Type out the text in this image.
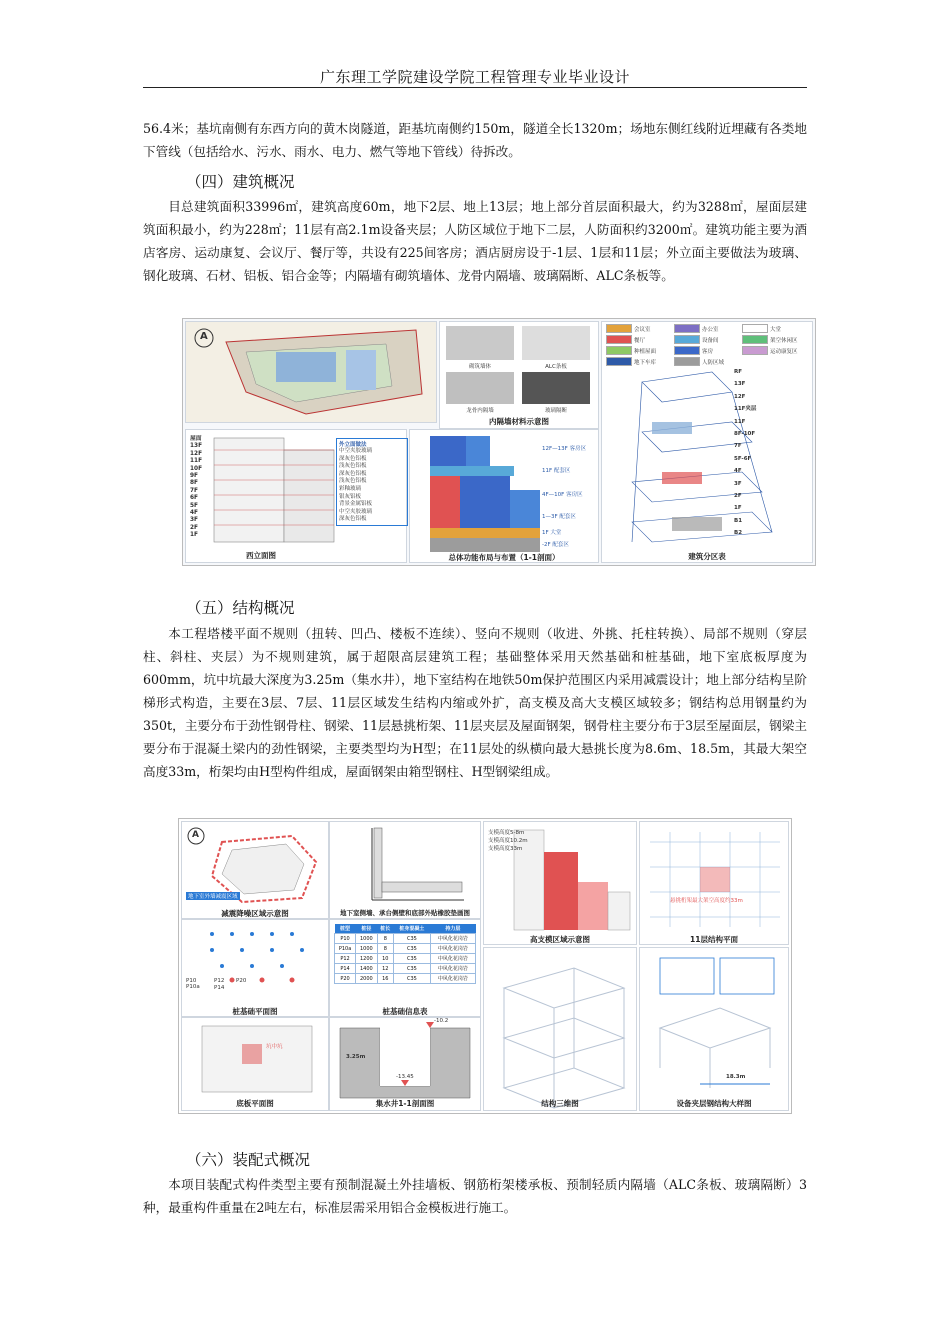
广东理工学院建设学院工程管理专业毕业设计

56.4米；基坑南侧有东西方向的黄木岗隧道，距基坑南侧约150m，隧道全长1320m；场地东侧红线附近埋藏有各类地下管线（包括给水、污水、雨水、电力、燃气等地下管线）待拆改。

（四）建筑概况

目总建筑面积33996㎡，建筑高度60m，地下2层、地上13层；地上部分首层面积最大，约为3288㎡，屋面层建筑面积最小，约为228㎡；11层有高2.1m设备夹层；人防区域位于地下二层，人防面积约3200㎡。建筑功能主要为酒店客房、运动康复、会议厅、餐厅等，共设有225间客房；酒店厨房设于-1层、1层和11层；外立面主要做法为玻璃、钢化玻璃、石材、铝板、铝合金等；内隔墙有砌筑墙体、龙骨内隔墙、玻璃隔断、ALC条板等。

A
砌筑墙体	ALC条板
龙骨内隔墙	玻璃隔断
内隔墙材料示意图
屋面
13F
12F
11F
10F
9F
8F
7F
6F
5F
4F
3F
2F
1F
外立面做法
中空夹胶玻璃
深灰色铝板
浅灰色铝板
深灰色铝板
浅灰色铝板
彩釉玻璃
银灰铝板
背景金属铝板
中空夹胶玻璃
深灰色铝板
西立面图
12F—13F 客房区
11F 配套区
4F—10F 客房区
1—3F 配套区
1F 大堂
-2F 配套区
总体功能布局与布置（1-1剖面）
会议室	办公室	大堂
餐厅	设备间	架空休闲区
种植屋面	客房	运动康复区
地下车库	人防区域
RF
13F
12F
11F夹层
11F
8F-10F
7F
5F-6F
4F
3F
2F
1F
B1
B2
建筑分区表
（五）结构概况

本工程塔楼平面不规则（扭转、凹凸、楼板不连续）、竖向不规则（收进、外挑、托柱转换）、局部不规则（穿层柱、斜柱、夹层）为不规则建筑，属于超限高层建筑工程；基础整体采用天然基础和桩基础，地下室底板厚度为600mm，坑中坑最大深度为3.25m（集水井），地下室结构在地铁50m保护范围区内采用减震设计；地上部分结构呈阶梯形式构造，主要在3层、7层、11层区域发生结构内缩或外扩，高支模及高大支模区域较多；钢结构总用钢量约为350t，主要分布于劲性钢骨柱、钢梁、11层悬挑桁架、11层夹层及屋面钢架，钢骨柱主要分布于3层至屋面层，钢梁主要分布于混凝土梁内的劲性钢梁，主要类型均为H型；在11层处的纵横向最大悬挑长度为8.6m、18.5m，其最大架空高度33m，桁架均由H型构件组成，屋面钢架由箱型钢柱、H型钢梁组成。

A
地下室外墙减震区域
减震降噪区域示意图	地下室侧墙、承台侧壁和底部外贴橡胶垫画图
P10
P10a
P12
P14
P20
桩基础平面图
桩型	桩径	桩长	桩身混凝土	持力层
P10	1000	8	C35	中风化花岗岩
P10a	1000	8	C35	中风化花岗岩
P12	1200	10	C35	中风化花岗岩
P14	1400	12	C35	中风化花岗岩
P20	2000	16	C35	中风化花岗岩
桩基础信息表
坑中坑
底板平面图
-10.2
3.25m
-13.45
集水井1-1剖面图
支模高度5-8m
支模高度10.2m
支模高度33m
高支模区域示意图
悬挑桁架最大架空高度约33m
11层结构平面
结构三维图
18.3m
设备夹层钢结构大样图
（六）装配式概况

本项目装配式构件类型主要有预制混凝土外挂墙板、钢筋桁架楼承板、预制轻质内隔墙（ALC条板、玻璃隔断）3种，最重构件重量在2吨左右，标准层需采用铝合金模板进行施工。
